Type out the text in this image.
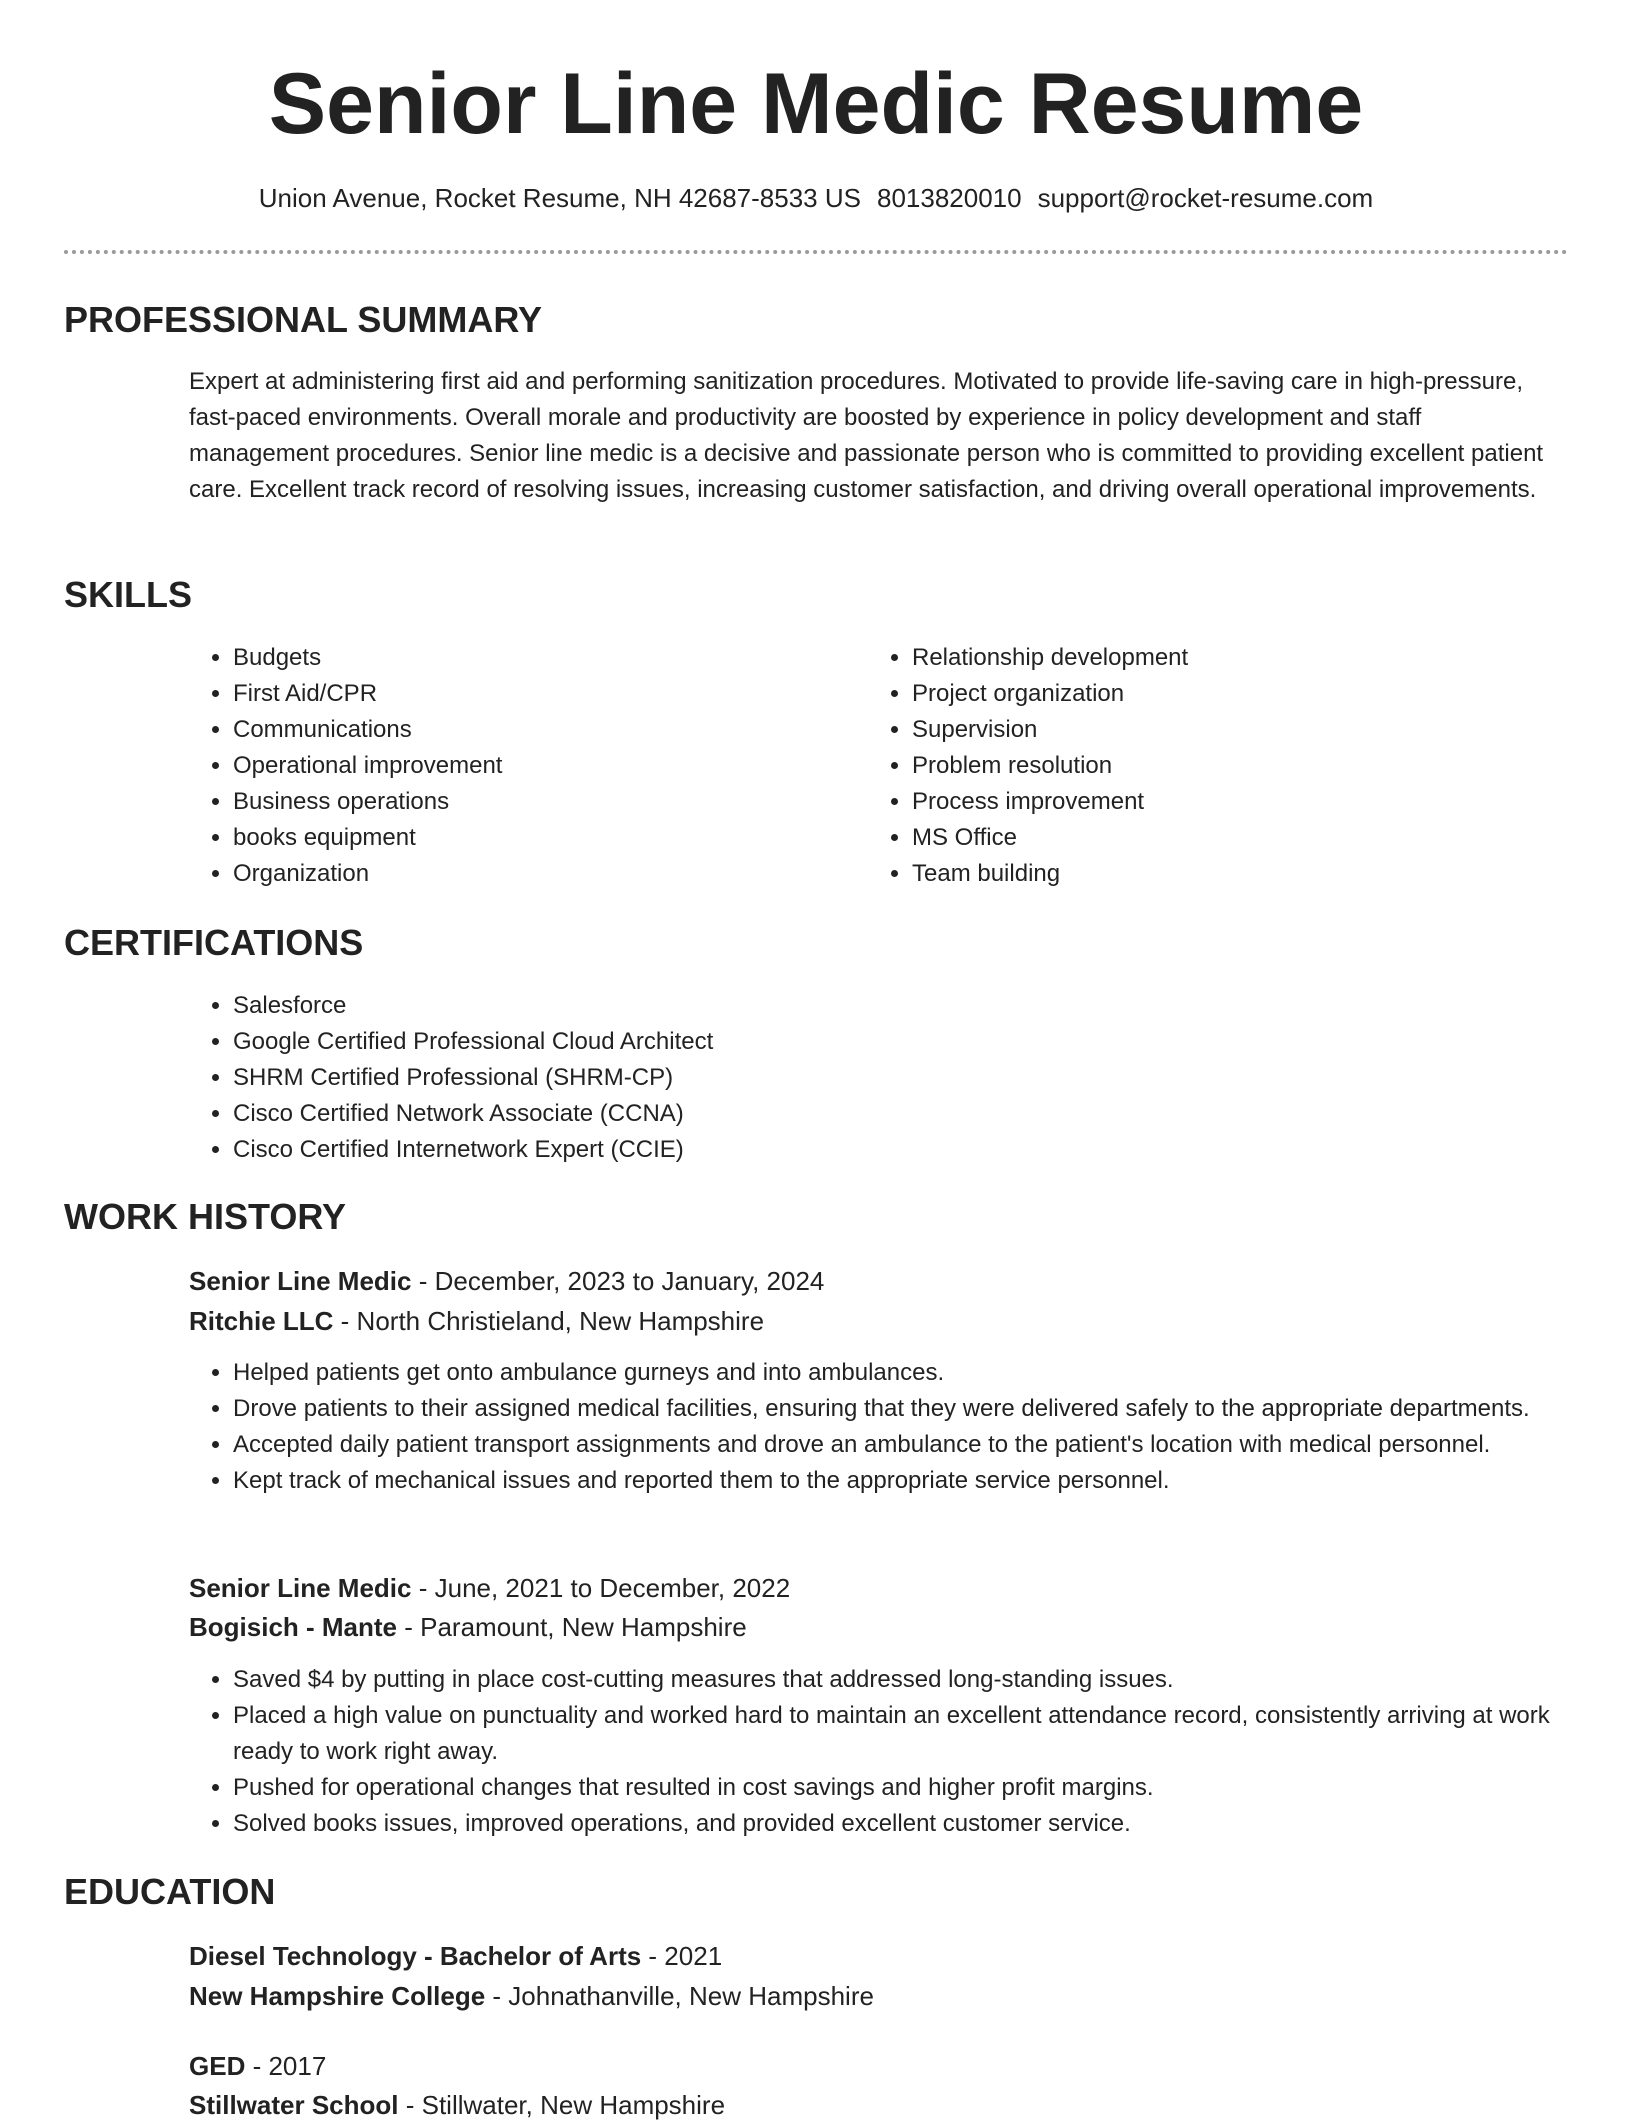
Senior Line Medic Resume
Union Avenue, Rocket Resume, NH 42687-8533 US 8013820010 support@rocket-resume.com
PROFESSIONAL SUMMARY

Expert at administering first aid and performing sanitization procedures. Motivated to provide life-saving care in high-pressure, fast-paced environments. Overall morale and productivity are boosted by experience in policy development and staff management procedures. Senior line medic is a decisive and passionate person who is committed to providing excellent patient care. Excellent track record of resolving issues, increasing customer satisfaction, and driving overall operational improvements.

SKILLS
• Budgets
• First Aid/CPR
• Communications
• Operational improvement
• Business operations
• books equipment
• Organization
• Relationship development
• Project organization
• Supervision
• Problem resolution
• Process improvement
• MS Office
• Team building
CERTIFICATIONS
• Salesforce
• Google Certified Professional Cloud Architect
• SHRM Certified Professional (SHRM-CP)
• Cisco Certified Network Associate (CCNA)
• Cisco Certified Internetwork Expert (CCIE)
WORK HISTORY
Senior Line Medic - December, 2023 to January, 2024
Ritchie LLC - North Christieland, New Hampshire
• Helped patients get onto ambulance gurneys and into ambulances.
• Drove patients to their assigned medical facilities, ensuring that they were delivered safely to the appropriate departments.
• Accepted daily patient transport assignments and drove an ambulance to the patient's location with medical personnel.
• Kept track of mechanical issues and reported them to the appropriate service personnel.
Senior Line Medic - June, 2021 to December, 2022
Bogisich - Mante - Paramount, New Hampshire
• Saved $4 by putting in place cost-cutting measures that addressed long-standing issues.
• Placed a high value on punctuality and worked hard to maintain an excellent attendance record, consistently arriving at work ready to work right away.
• Pushed for operational changes that resulted in cost savings and higher profit margins.
• Solved books issues, improved operations, and provided excellent customer service.
EDUCATION
Diesel Technology - Bachelor of Arts - 2021
New Hampshire College - Johnathanville, New Hampshire
GED - 2017
Stillwater School - Stillwater, New Hampshire
